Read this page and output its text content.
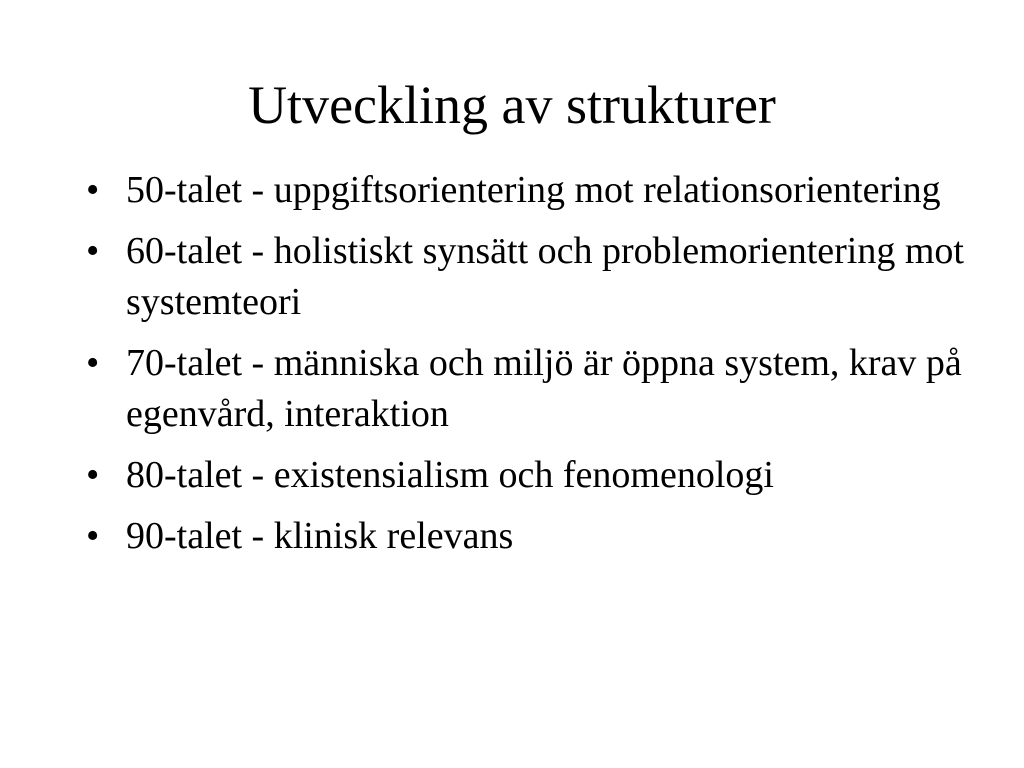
Utveckling av strukturer
• 50-talet - uppgiftsorientering mot relationsorientering
• 60-talet - holistiskt synsätt och problemorientering mot systemteori
• 70-talet - människa och miljö är öppna system, krav på egenvård, interaktion
• 80-talet - existensialism och fenomenologi
• 90-talet - klinisk relevans
